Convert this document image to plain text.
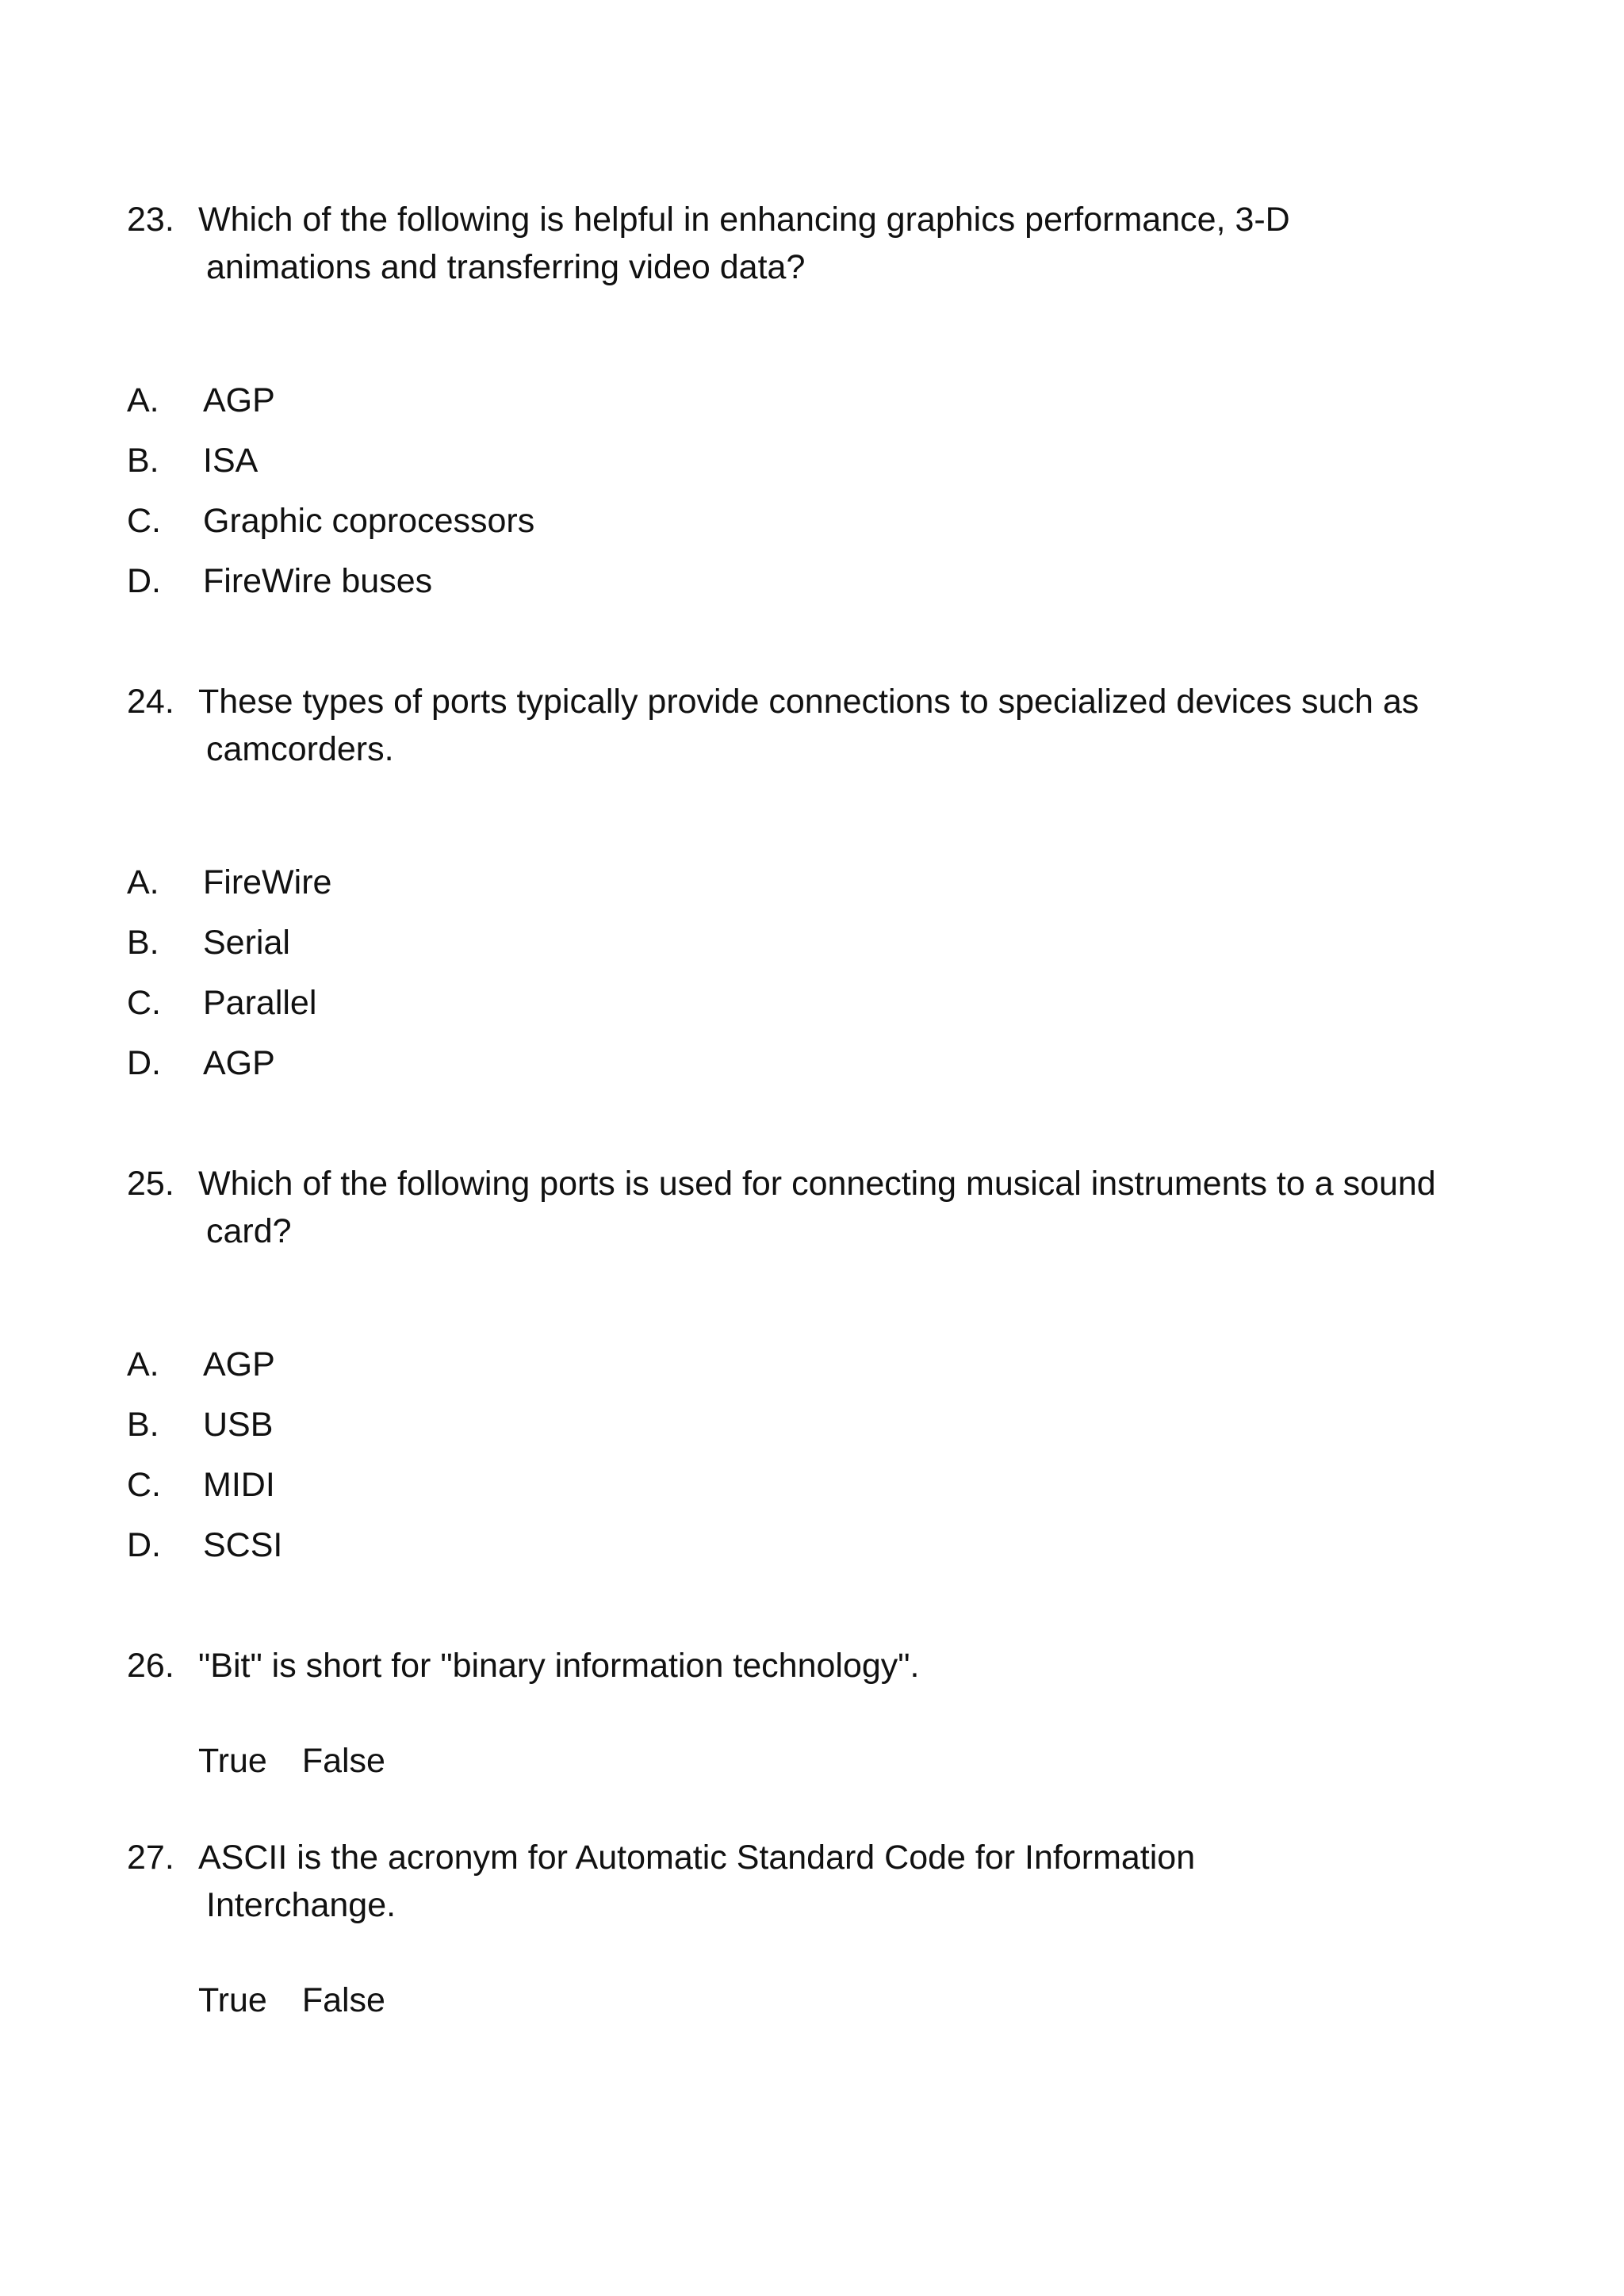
23. Which of the following is helpful in enhancing graphics performance, 3-D animations and transferring video data?
A. AGP
B. ISA
C. Graphic coprocessors
D. FireWire buses
24. These types of ports typically provide connections to specialized devices such as camcorders.
A. FireWire
B. Serial
C. Parallel
D. AGP
25. Which of the following ports is used for connecting musical instruments to a sound card?
A. AGP
B. USB
C. MIDI
D. SCSI
26. "Bit" is short for "binary information technology".
True False
27. ASCII is the acronym for Automatic Standard Code for Information Interchange.
True False
